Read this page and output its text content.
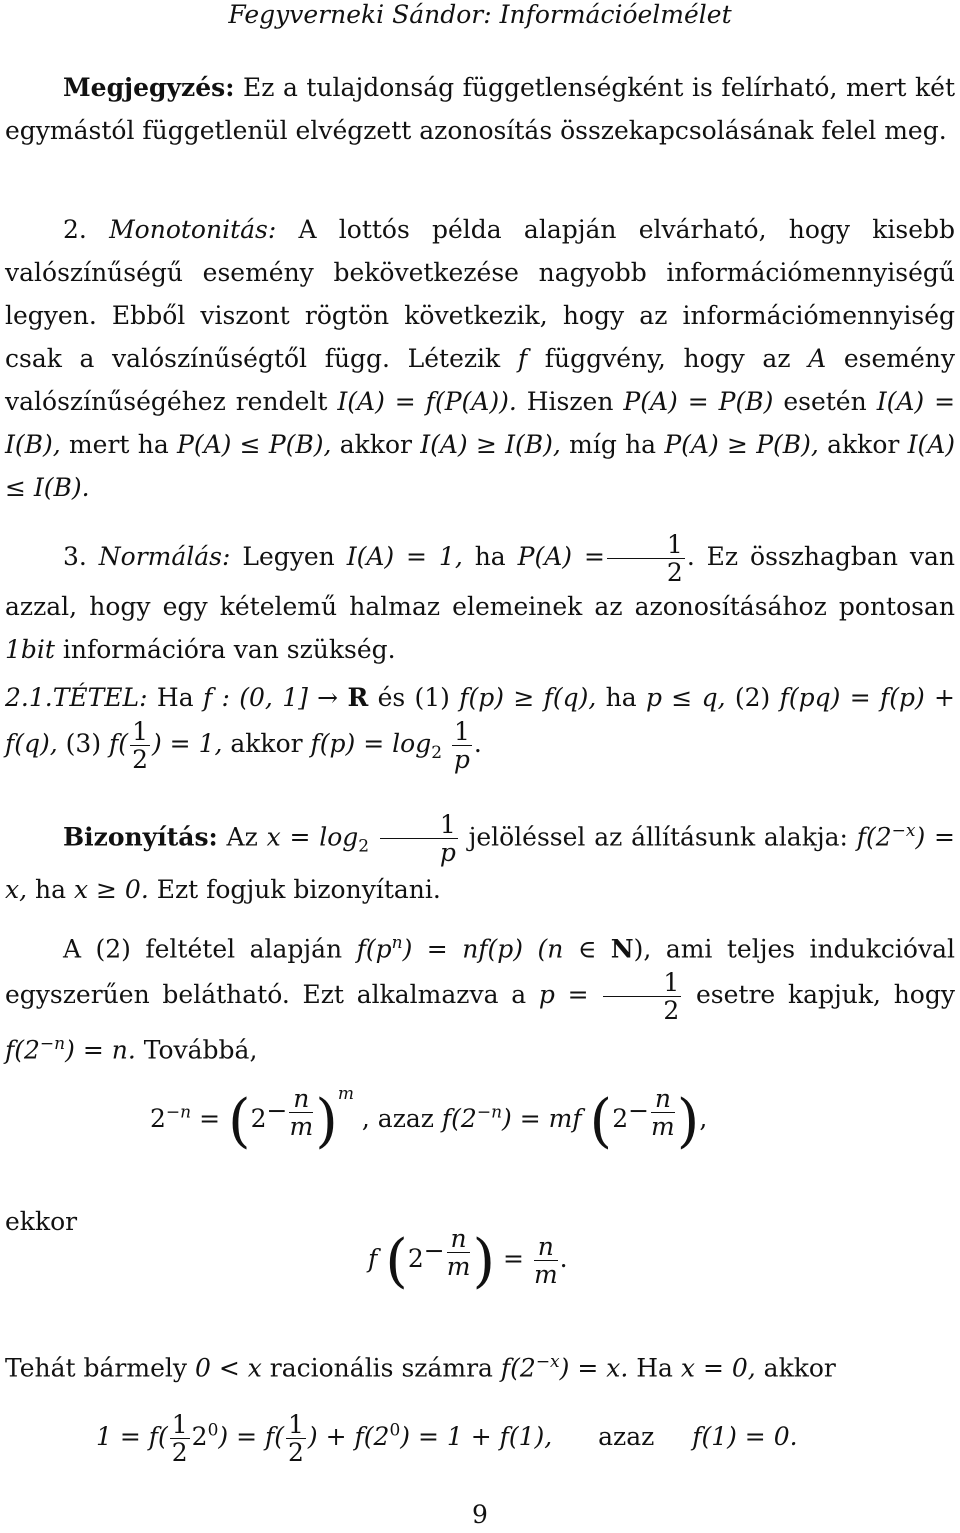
Fegyverneki Sándor: Információelmélet
Megjegyzés: Ez a tulajdonság függetlenségként is felírható, mert két egymástól függetlenül elvégzett azonosítás összekapcsolásának felel meg.
2. Monotonitás: A lottós példa alapján elvárható, hogy kisebb valószínűségű esemény bekövetkezése nagyobb információmennyiségű legyen. Ebből viszont rögtön következik, hogy az információmennyiség csak a valószínűségtől függ. Létezik f függvény, hogy az A esemény valószínűségéhez rendelt I(A) = f(P(A)). Hiszen P(A) = P(B) esetén I(A) = I(B), mert ha P(A) ≤ P(B), akkor I(A) ≥ I(B), míg ha P(A) ≥ P(B), akkor I(A) ≤ I(B).
3. Normálás: Legyen I(A) = 1, ha $P(A) = \frac{1}{2}$ . Ez összhagban van azzal, hogy egy kételemű halmaz elemeinek az azonosításához pontosan 1bit információra van szükség.
2.1.TÉTEL: Ha f : (0, 1] → R és (1) f(p) ≥ f(q), ha p ≤ q, (2) f(pq) = f(p) + f(q), (3) $f( \frac{1}{2}$ ) = 1, akkor $f(p) = \log_2 \frac{1}{p}$ .
Bizonyítás: Az $x = \log_2 \frac{1}{p}$ jelöléssel az állításunk alakja: $f(2^{-x}) = x$, ha x ≥ 0. Ezt fogjuk bizonyítani.
A (2) feltétel alapján $f(p^n) = nf(p)$ (n ∈ N), ami teljes indukcióval egyszerűen belátható. Ezt alkalmazva a $p = \frac{1}{2}$ esetre kapjuk, hogy $f(2^{-n}) = n$. Továbbá,
$2^{-n} = (2- \frac{n}{m} )^m$ , azaz $f(2^{-n})$ = mf ($2- \frac{n}{m}$ ),
ekkor
f ($2- \frac{n}{m}$ ) = $\frac{n}{m}$ .
Tehát bármely 0 < x racionális számra $f(2^{-x}) = x$. Ha x = 0, akkor
$1 = f( \frac{1}{2} 2^0) = f( \frac{1}{2}$ ) + $f(2^0) = 1 + f(1)$, azaz f(1) = 0.
9
